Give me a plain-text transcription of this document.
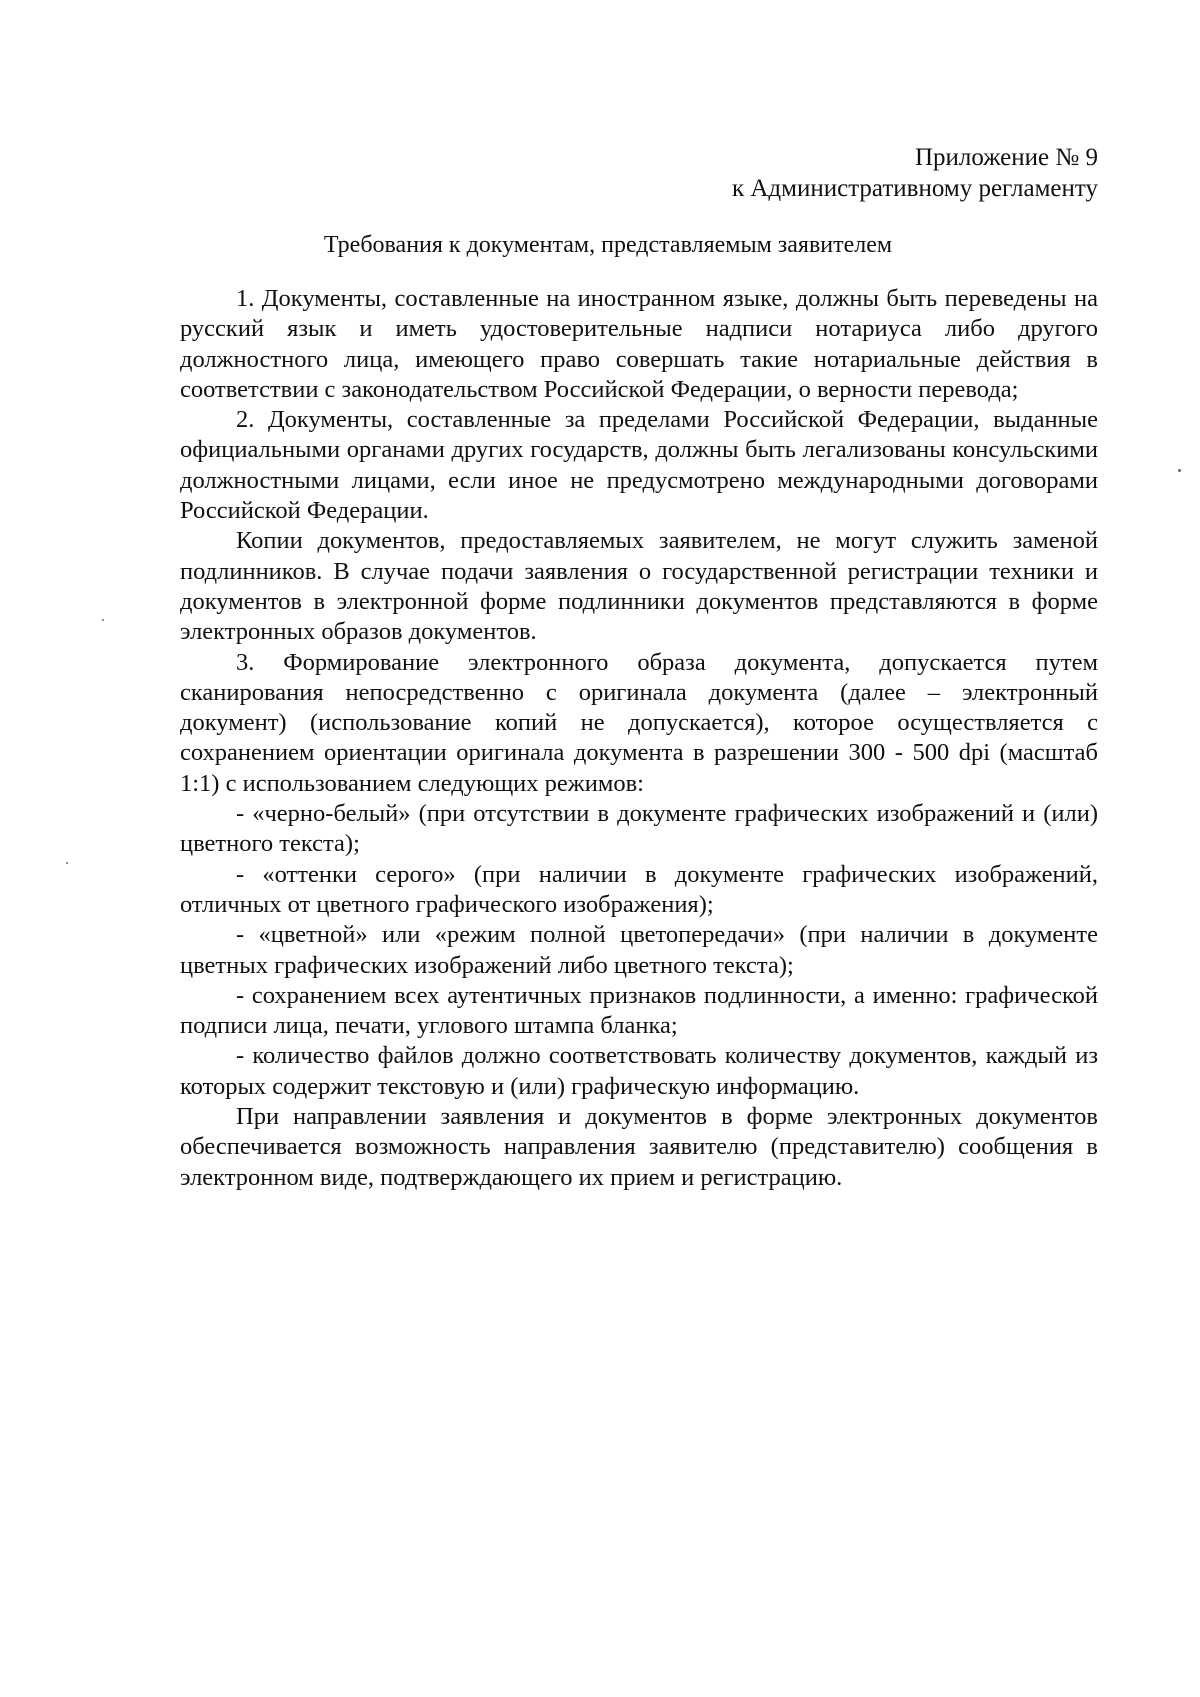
Приложение № 9
к Административному регламенту
Требования к документам, представляемым заявителем

1. Документы, составленные на иностранном языке, должны быть переведены на русский язык и иметь удостоверительные надписи нотариуса либо другого должностного лица, имеющего право совершать такие нотариальные действия в соответствии с законодательством Российской Федерации, о верности перевода;

2. Документы, составленные за пределами Российской Федерации, выданные официальными органами других государств, должны быть легализованы консульскими должностными лицами, если иное не предусмотрено международными договорами Российской Федерации.

Копии документов, предоставляемых заявителем, не могут служить заменой подлинников. В случае подачи заявления о государственной регистрации техники и документов в электронной форме подлинники документов представляются в форме электронных образов документов.

3. Формирование электронного образа документа, допускается путем сканирования непосредственно с оригинала документа (далее – электронный документ) (использование копий не допускается), которое осуществляется с сохранением ориентации оригинала документа в разрешении 300 - 500 dpi (масштаб 1:1) с использованием следующих режимов:

- «черно-белый» (при отсутствии в документе графических изображений и (или) цветного текста);

- «оттенки серого» (при наличии в документе графических изображений, отличных от цветного графического изображения);

- «цветной» или «режим полной цветопередачи» (при наличии в документе цветных графических изображений либо цветного текста);

- сохранением всех аутентичных признаков подлинности, а именно: графической подписи лица, печати, углового штампа бланка;

- количество файлов должно соответствовать количеству документов, каждый из которых содержит текстовую и (или) графическую информацию.

При направлении заявления и документов в форме электронных документов обеспечивается возможность направления заявителю (представителю) сообщения в электронном виде, подтверждающего их прием и регистрацию.
